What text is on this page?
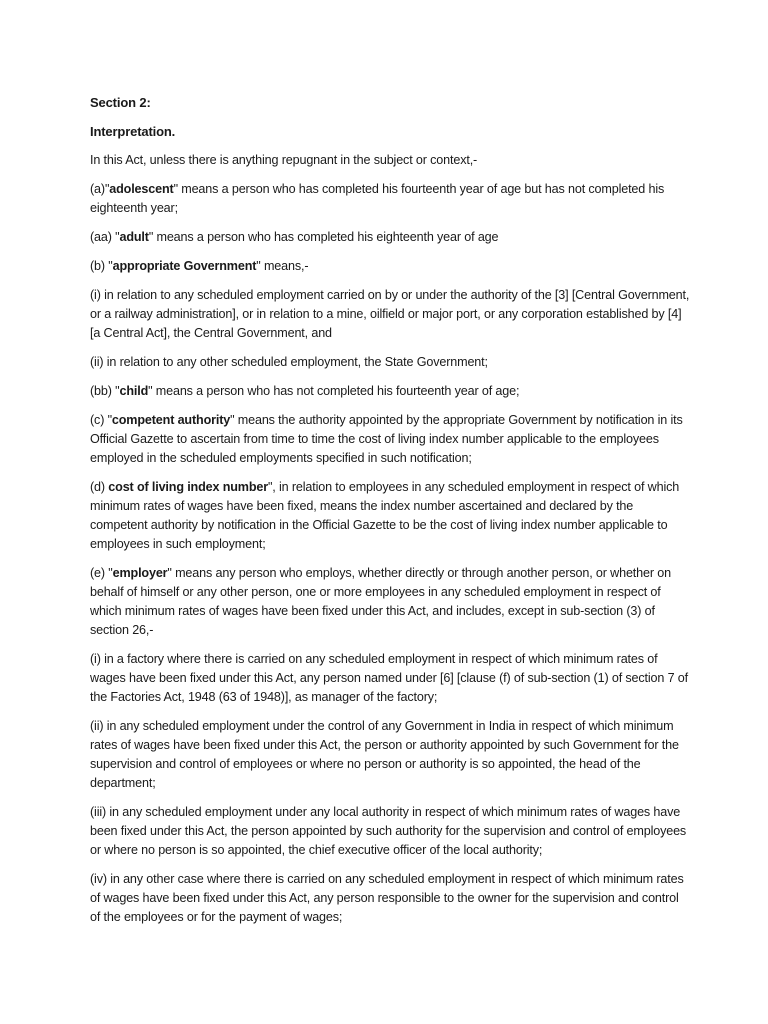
Section 2:
Interpretation.
In this Act, unless there is anything repugnant in the subject or context,-
(a)"adolescent" means a person who has completed his fourteenth year of age but has not completed his eighteenth year;
(aa) "adult" means a person who has completed his eighteenth year of age
(b) "appropriate Government" means,-
(i) in relation to any scheduled employment carried on by or under the authority of the [3] [Central Government, or a railway administration], or in relation to a mine, oilfield or major port, or any corporation established by [4] [a Central Act], the Central Government, and
(ii) in relation to any other scheduled employment, the State Government;
(bb) "child" means a person who has not completed his fourteenth year of age;
(c) "competent authority" means the authority appointed by the appropriate Government by notification in its Official Gazette to ascertain from time to time the cost of living index number applicable to the employees employed in the scheduled employments specified in such notification;
(d) cost of living index number", in relation to employees in any scheduled employment in respect of which minimum rates of wages have been fixed, means the index number ascertained and declared by the competent authority by notification in the Official Gazette to be the cost of living index number applicable to employees in such employment;
(e) "employer" means any person who employs, whether directly or through another person, or whether on behalf of himself or any other person, one or more employees in any scheduled employment in respect of which minimum rates of wages have been fixed under this Act, and includes, except in sub-section (3) of section 26,-
(i) in a factory where there is carried on any scheduled employment in respect of which minimum rates of wages have been fixed under this Act, any person named under [6] [clause (f) of sub-section (1) of section 7 of the Factories Act, 1948 (63 of 1948)], as manager of the factory;
(ii) in any scheduled employment under the control of any Government in India in respect of which minimum rates of wages have been fixed under this Act, the person or authority appointed by such Government for the supervision and control of employees or where no person or authority is so appointed, the head of the department;
(iii) in any scheduled employment under any local authority in respect of which minimum rates of wages have been fixed under this Act, the person appointed by such authority for the supervision and control of employees or where no person is so appointed, the chief executive officer of the local authority;
(iv) in any other case where there is carried on any scheduled employment in respect of which minimum rates of wages have been fixed under this Act, any person responsible to the owner for the supervision and control of the employees or for the payment of wages;
